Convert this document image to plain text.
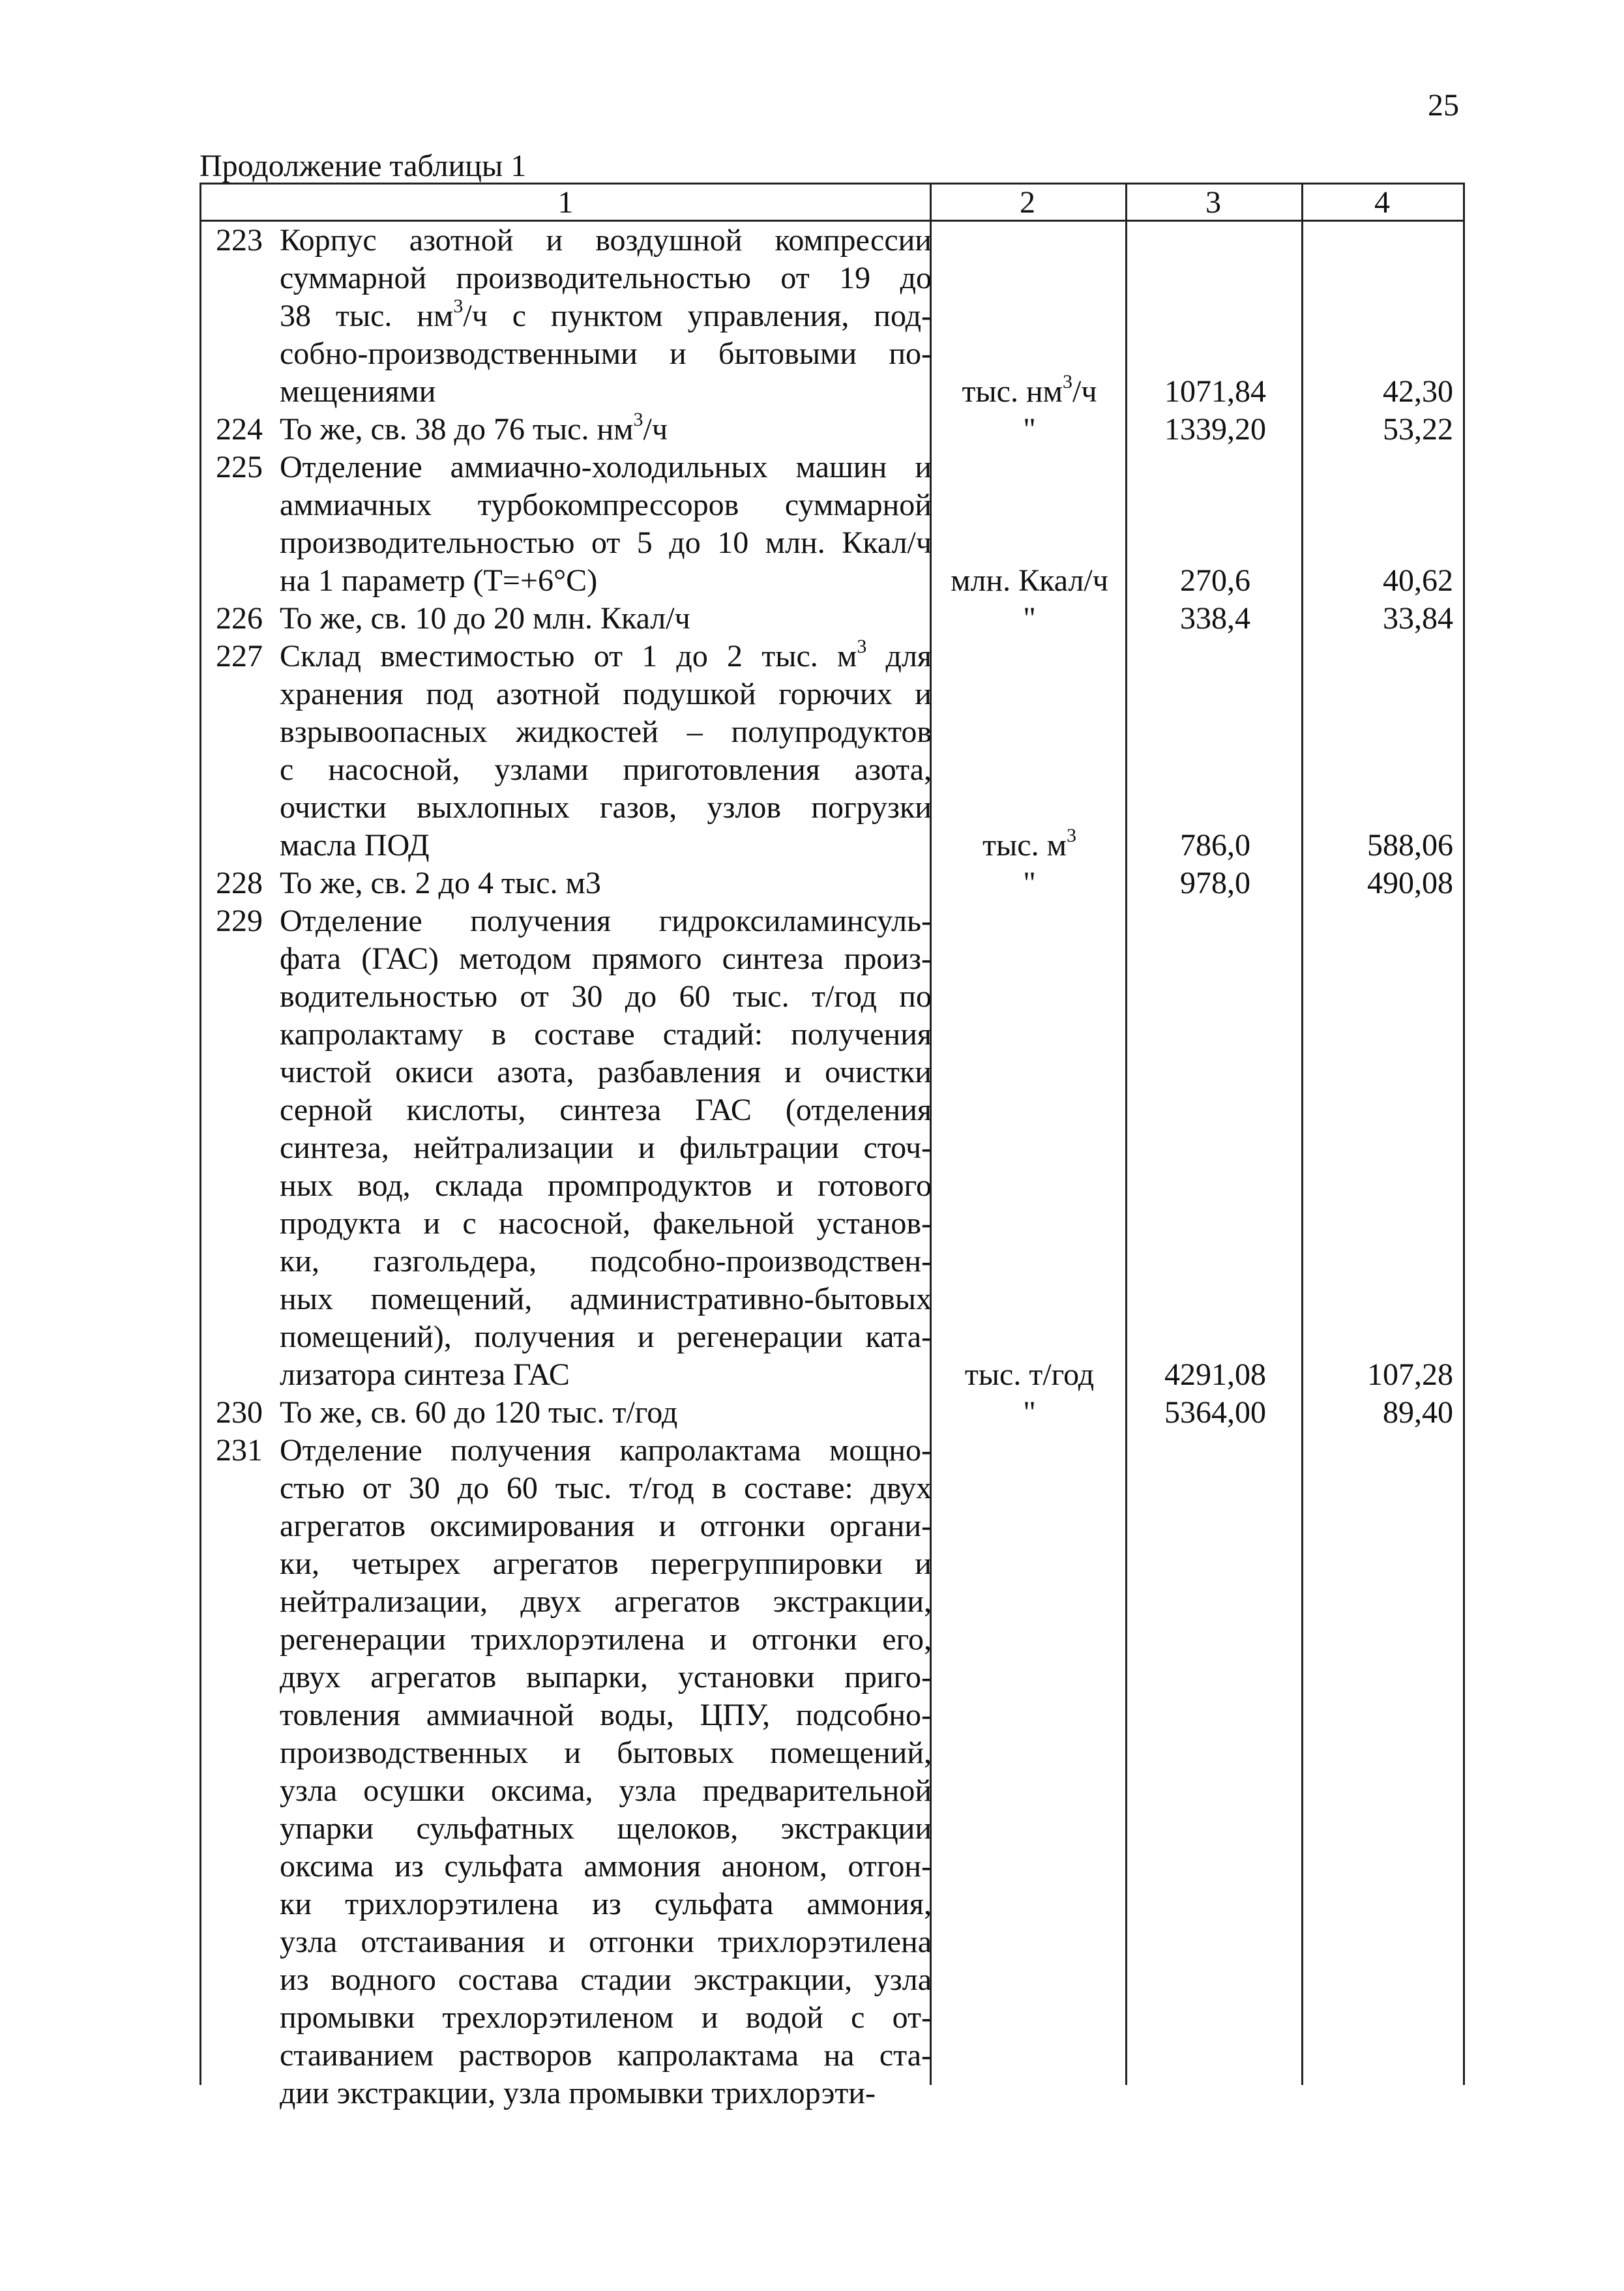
25
Продолжение таблицы 1
1	2	3	4
223 Корпус азотной и воздушной компрессии
суммарной производительностью от 19 до
38 тыс. $нм^3/ч$ с пунктом управления, под-
собно-производственными и бытовыми по-
мещениями	тыс. $нм^3/ч$	1071,84	42,30
224 То же, св. 38 до 76 тыс. $нм^3/ч$	"	1339,20	53,22
225 Отделение аммиачно-холодильных машин и
аммиачных турбокомпрессоров суммарной
производительностью от 5 до 10 млн. Ккал/ч
на 1 параметр (Т=+6°С)	млн. Ккал/ч	270,6	40,62
226 То же, св. 10 до 20 млн. Ккал/ч	"	338,4	33,84
227 Склад вместимостью от 1 до 2 тыс. $м^3$ для
хранения под азотной подушкой горючих и
взрывоопасных жидкостей – полупродуктов
с насосной, узлами приготовления азота,
очистки выхлопных газов, узлов погрузки
масла ПОД	тыс. $м^3$	786,0	588,06
228 То же, св. 2 до 4 тыс. м3	"	978,0	490,08
229 Отделение получения гидроксиламинсуль-
фата (ГАС) методом прямого синтеза произ-
водительностью от 30 до 60 тыс. т/год по
капролактаму в составе стадий: получения
чистой окиси азота, разбавления и очистки
серной кислоты, синтеза ГАС (отделения
синтеза, нейтрализации и фильтрации сточ-
ных вод, склада промпродуктов и готового
продукта и с насосной, факельной установ-
ки, газгольдера, подсобно-производствен-
ных помещений, административно-бытовых
помещений), получения и регенерации ката-
лизатора синтеза ГАС	тыс. т/год	4291,08	107,28
230 То же, св. 60 до 120 тыс. т/год	"	5364,00	89,40
231 Отделение получения капролактама мощно-
стью от 30 до 60 тыс. т/год в составе: двух
агрегатов оксимирования и отгонки органи-
ки, четырех агрегатов перегруппировки и
нейтрализации, двух агрегатов экстракции,
регенерации трихлорэтилена и отгонки его,
двух агрегатов выпарки, установки приго-
товления аммиачной воды, ЦПУ, подсобно-
производственных и бытовых помещений,
узла осушки оксима, узла предварительной
упарки сульфатных щелоков, экстракции
оксима из сульфата аммония аноном, отгон-
ки трихлорэтилена из сульфата аммония,
узла отстаивания и отгонки трихлорэтилена
из водного состава стадии экстракции, узла
промывки трехлорэтиленом и водой с от-
стаиванием растворов капролактама на ста-
дии экстракции, узла промывки трихлорэти-
